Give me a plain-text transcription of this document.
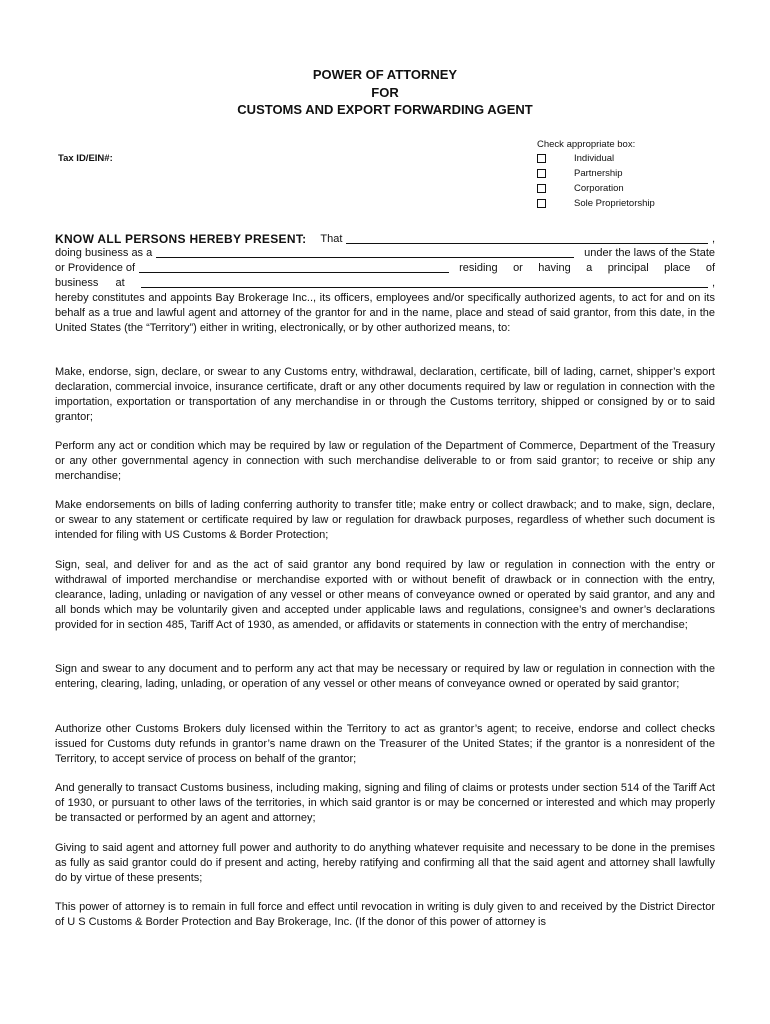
POWER OF ATTORNEY
FOR
CUSTOMS AND EXPORT FORWARDING AGENT
Tax ID/EIN#:
Check appropriate box:
Individual
Partnership
Corporation
Sole Proprietorship
KNOW ALL PERSONS HEREBY PRESENT: That	,
doing business as a	under the laws of the State
or Providence of	residing or having a principal place of
business at	,
hereby constitutes and appoints Bay Brokerage Inc.., its officers, employees and/or specifically authorized agents, to act for and on its behalf as a true and lawful agent and attorney of the grantor for and in the name, place and stead of said grantor, from this date, in the United States (the “Territory”) either in writing, electronically, or by other authorized means, to:
Make, endorse, sign, declare, or swear to any Customs entry, withdrawal, declaration, certificate, bill of lading, carnet, shipper’s export declaration, commercial invoice, insurance certificate, draft or any other documents required by law or regulation in connection with the importation, exportation or transportation of any merchandise in or through the Customs territory, shipped or consigned by or to said grantor;
Perform any act or condition which may be required by law or regulation of the Department of Commerce, Department of the Treasury or any other governmental agency in connection with such merchandise deliverable to or from said grantor; to receive or ship any merchandise;
Make endorsements on bills of lading conferring authority to transfer title; make entry or collect drawback; and to make, sign, declare, or swear to any statement or certificate required by law or regulation for drawback purposes, regardless of whether such document is intended for filing with US Customs & Border Protection;
Sign, seal, and deliver for and as the act of said grantor any bond required by law or regulation in connection with the entry or withdrawal of imported merchandise or merchandise exported with or without benefit of drawback or in connection with the entry, clearance, lading, unlading or navigation of any vessel or other means of conveyance owned or operated by said grantor, and any and all bonds which may be voluntarily given and accepted under applicable laws and regulations, consignee’s and owner’s declarations provided for in section 485, Tariff Act of 1930, as amended, or affidavits or statements in connection with the entry of merchandise;
Sign and swear to any document and to perform any act that may be necessary or required by law or regulation in connection with the entering, clearing, lading, unlading, or operation of any vessel or other means of conveyance owned or operated by said grantor;
Authorize other Customs Brokers duly licensed within the Territory to act as grantor’s agent; to receive, endorse and collect checks issued for Customs duty refunds in grantor’s name drawn on the Treasurer of the United States; if the grantor is a nonresident of the Territory, to accept service of process on behalf of the grantor;
And generally to transact Customs business, including making, signing and filing of claims or protests under section 514 of the Tariff Act of 1930, or pursuant to other laws of the territories, in which said grantor is or may be concerned or interested and which may properly be transacted or performed by an agent and attorney;
Giving to said agent and attorney full power and authority to do anything whatever requisite and necessary to be done in the premises as fully as said grantor could do if present and acting, hereby ratifying and confirming all that the said agent and attorney shall lawfully do by virtue of these presents;
This power of attorney is to remain in full force and effect until revocation in writing is duly given to and received by the District Director of U S Customs & Border Protection and Bay Brokerage, Inc. (If the donor of this power of attorney is
